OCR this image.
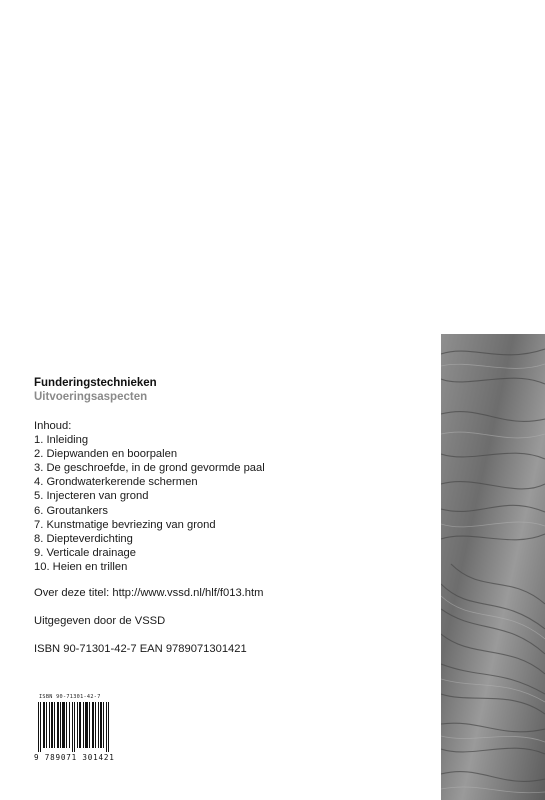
Funderingstechnieken
Uitvoeringsaspecten
Inhoud:
1. Inleiding
2. Diepwanden en boorpalen
3. De geschroefde, in de grond gevormde paal
4. Grondwaterkerende schermen
5. Injecteren van grond
6. Groutankers
7. Kunstmatige bevriezing van grond
8. Diepteverdichting
9. Verticale drainage
10. Heien en trillen
Over deze titel: http://www.vssd.nl/hlf/f013.htm
Uitgegeven door de VSSD
ISBN 90-71301-42-7 EAN 9789071301421
ISBN 90-71301-42-7
9 789071 301421
